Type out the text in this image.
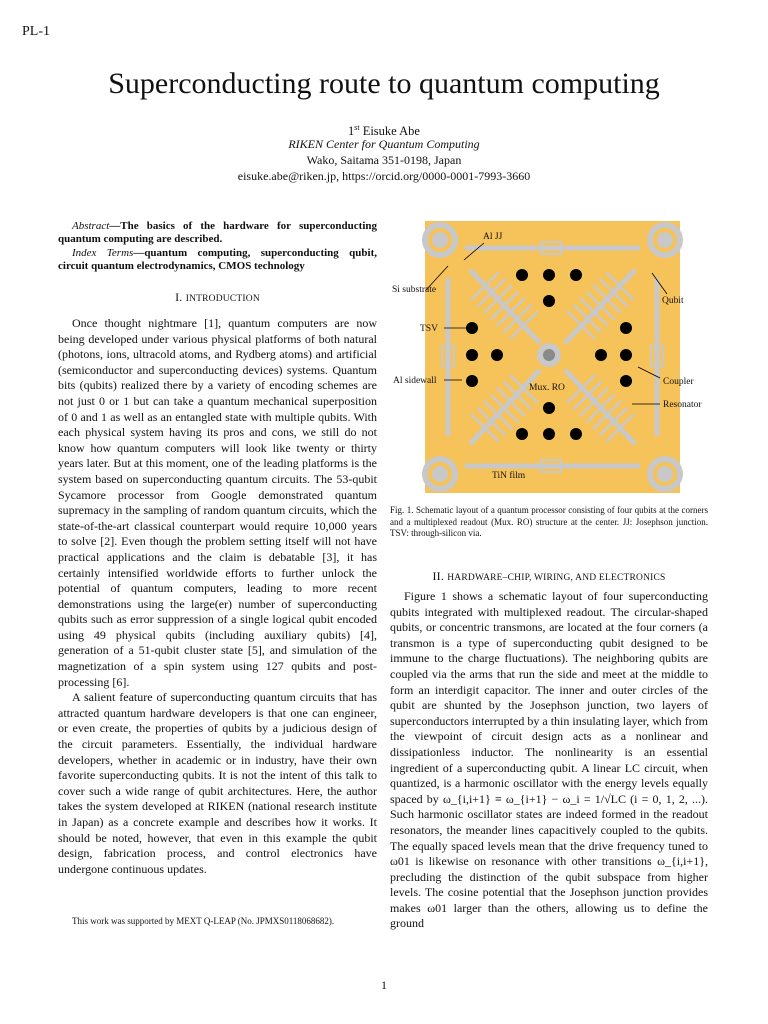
PL-1
Superconducting route to quantum computing
1st Eisuke Abe
RIKEN Center for Quantum Computing
Wako, Saitama 351-0198, Japan
eisuke.abe@riken.jp, https://orcid.org/0000-0001-7993-3660
Abstract—The basics of the hardware for superconducting quantum computing are described.
Index Terms—quantum computing, superconducting qubit, circuit quantum electrodynamics, CMOS technology
I. INTRODUCTION

Once thought nightmare [1], quantum computers are now being developed under various physical platforms of both natural (photons, ions, ultracold atoms, and Rydberg atoms) and artificial (semiconductor and superconducting devices) systems. Quantum bits (qubits) realized there by a variety of encoding schemes are not just 0 or 1 but can take a quantum mechanical superposition of 0 and 1 as well as an entangled state with multiple qubits. With each physical system having its pros and cons, we still do not know how quantum computers will look like twenty or thirty years later. But at this moment, one of the leading platforms is the system based on superconducting quantum circuits. The 53-qubit Sycamore processor from Google demonstrated quantum supremacy in the sampling of random quantum circuits, which the state-of-the-art classical counterpart would require 10,000 years to solve [2]. Even though the problem setting itself will not have practical applications and the claim is debatable [3], it has certainly intensified worldwide efforts to further unlock the potential of quantum computers, leading to more recent demonstrations using the large(er) number of superconducting qubits such as error suppression of a single logical qubit encoded using 49 physical qubits (including auxiliary qubits) [4], generation of a 51-qubit cluster state [5], and simulation of the magnetization of a spin system using 127 qubits and post-processing [6].

A salient feature of superconducting quantum circuits that has attracted quantum hardware developers is that one can engineer, or even create, the properties of qubits by a judicious design of the circuit parameters. Essentially, the individual hardware developers, whether in academic or in industry, have their own favorite superconducting qubits. It is not the intent of this talk to cover such a wide range of qubit architectures. Here, the author takes the system developed at RIKEN (national research institute in Japan) as a concrete example and describes how it works. It should be noted, however, that even in this example the qubit design, fabrication process, and control electronics have undergone continuous updates.

This work was supported by MEXT Q-LEAP (No. JPMXS0118068682).
Al JJ
Si substrate
Qubit
TSV
Al sidewall
Mux. RO
Coupler
Resonator
TiN film
Fig. 1. Schematic layout of a quantum processor consisting of four qubits at the corners and a multiplexed readout (Mux. RO) structure at the center. JJ: Josephson junction. TSV: through-silicon via.
II. HARDWARE–CHIP, WIRING, AND ELECTRONICS

Figure 1 shows a schematic layout of four superconducting qubits integrated with multiplexed readout. The circular-shaped qubits, or concentric transmons, are located at the four corners (a transmon is a type of superconducting qubit designed to be immune to the charge fluctuations). The neighboring qubits are coupled via the arms that run the side and meet at the middle to form an interdigit capacitor. The inner and outer circles of the qubit are shunted by the Josephson junction, two layers of superconductors interrupted by a thin insulating layer, which from the viewpoint of circuit design acts as a nonlinear and dissipationless inductor. The nonlinearity is an essential ingredient of a superconducting qubit. A linear LC circuit, when quantized, is a harmonic oscillator with the energy levels equally spaced by ω_{i,i+1} ≡ ω_{i+1} − ω_i = 1/√LC (i = 0, 1, 2, ...). Such harmonic oscillator states are indeed formed in the readout resonators, the meander lines capacitively coupled to the qubits. The equally spaced levels mean that the drive frequency tuned to ω01 is likewise on resonance with other transitions ω_{i,i+1}, precluding the distinction of the qubit subspace from higher levels. The cosine potential that the Josephson junction provides makes ω01 larger than the others, allowing us to define the ground

1
